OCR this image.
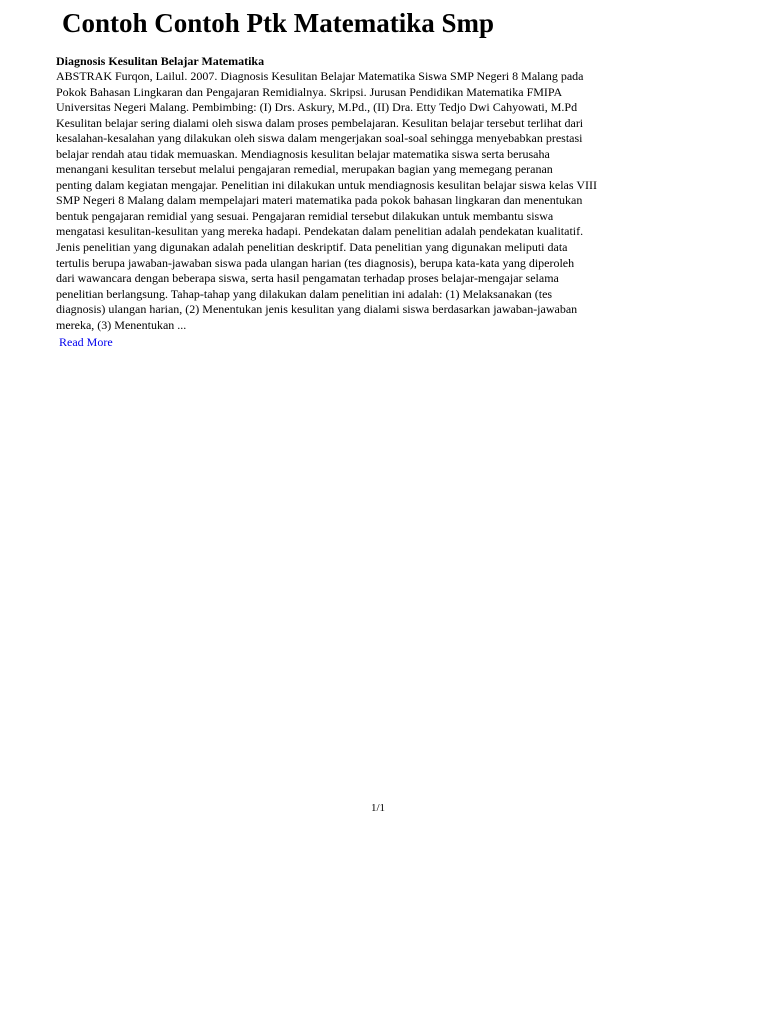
Contoh Contoh Ptk Matematika Smp
Diagnosis Kesulitan Belajar Matematika
ABSTRAK Furqon, Lailul. 2007. Diagnosis Kesulitan Belajar Matematika Siswa SMP Negeri 8 Malang pada
Pokok Bahasan Lingkaran dan Pengajaran Remidialnya. Skripsi. Jurusan Pendidikan Matematika FMIPA
Universitas Negeri Malang. Pembimbing: (I) Drs. Askury, M.Pd., (II) Dra. Etty Tedjo Dwi Cahyowati, M.Pd
Kesulitan belajar sering dialami oleh siswa dalam proses pembelajaran. Kesulitan belajar tersebut terlihat dari
kesalahan-kesalahan yang dilakukan oleh siswa dalam mengerjakan soal-soal sehingga menyebabkan prestasi
belajar rendah atau tidak memuaskan. Mendiagnosis kesulitan belajar matematika siswa serta berusaha
menangani kesulitan tersebut melalui pengajaran remedial, merupakan bagian yang memegang peranan
penting dalam kegiatan mengajar. Penelitian ini dilakukan untuk mendiagnosis kesulitan belajar siswa kelas VIII
SMP Negeri 8 Malang dalam mempelajari materi matematika pada pokok bahasan lingkaran dan menentukan
bentuk pengajaran remidial yang sesuai. Pengajaran remidial tersebut dilakukan untuk membantu siswa
mengatasi kesulitan-kesulitan yang mereka hadapi. Pendekatan dalam penelitian adalah pendekatan kualitatif.
Jenis penelitian yang digunakan adalah penelitian deskriptif. Data penelitian yang digunakan meliputi data
tertulis berupa jawaban-jawaban siswa pada ulangan harian (tes diagnosis), berupa kata-kata yang diperoleh
dari wawancara dengan beberapa siswa, serta hasil pengamatan terhadap proses belajar-mengajar selama
penelitian berlangsung. Tahap-tahap yang dilakukan dalam penelitian ini adalah: (1) Melaksanakan (tes
diagnosis) ulangan harian, (2) Menentukan jenis kesulitan yang dialami siswa berdasarkan jawaban-jawaban
mereka, (3) Menentukan ...
Read More
1/1
